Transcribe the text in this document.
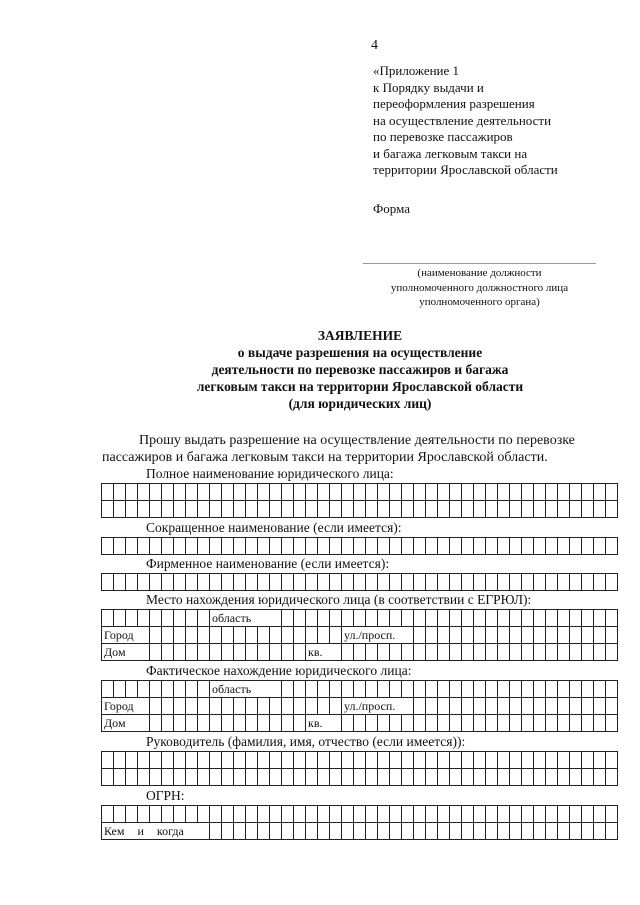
4
«Приложение 1
к Порядку выдачи и
переоформления разрешения
на осуществление деятельности
по перевозке пассажиров
и багажа легковым такси на
территории Ярославской области
Форма
(наименование должности
уполномоченного должностного лица
уполномоченного органа)
ЗАЯВЛЕНИЕ
о выдаче разрешения на осуществление
деятельности по перевозке пассажиров и багажа
легковым такси на территории Ярославской области
(для юридических лиц)
Прошу выдать разрешение на осуществление деятельности по перевозке
пассажиров и багажа легковым такси на территории Ярославской области.
Полное наименование юридического лица:

Сокращенное наименование (если имеется):

Фирменное наименование (если имеется):

Место нахождения юридического лица (в соответствии с ЕГРЮЛ):
									область																																	
Город																				ул./просп.																						
Дом																	кв.																									
Фактическое нахождение юридического лица:
									область																																	
Город																				ул./просп.																						
Дом																	кв.																									
Руководитель (фамилия, имя, отчество (если имеется)):

ОГРН:

Кем и когда																																										
